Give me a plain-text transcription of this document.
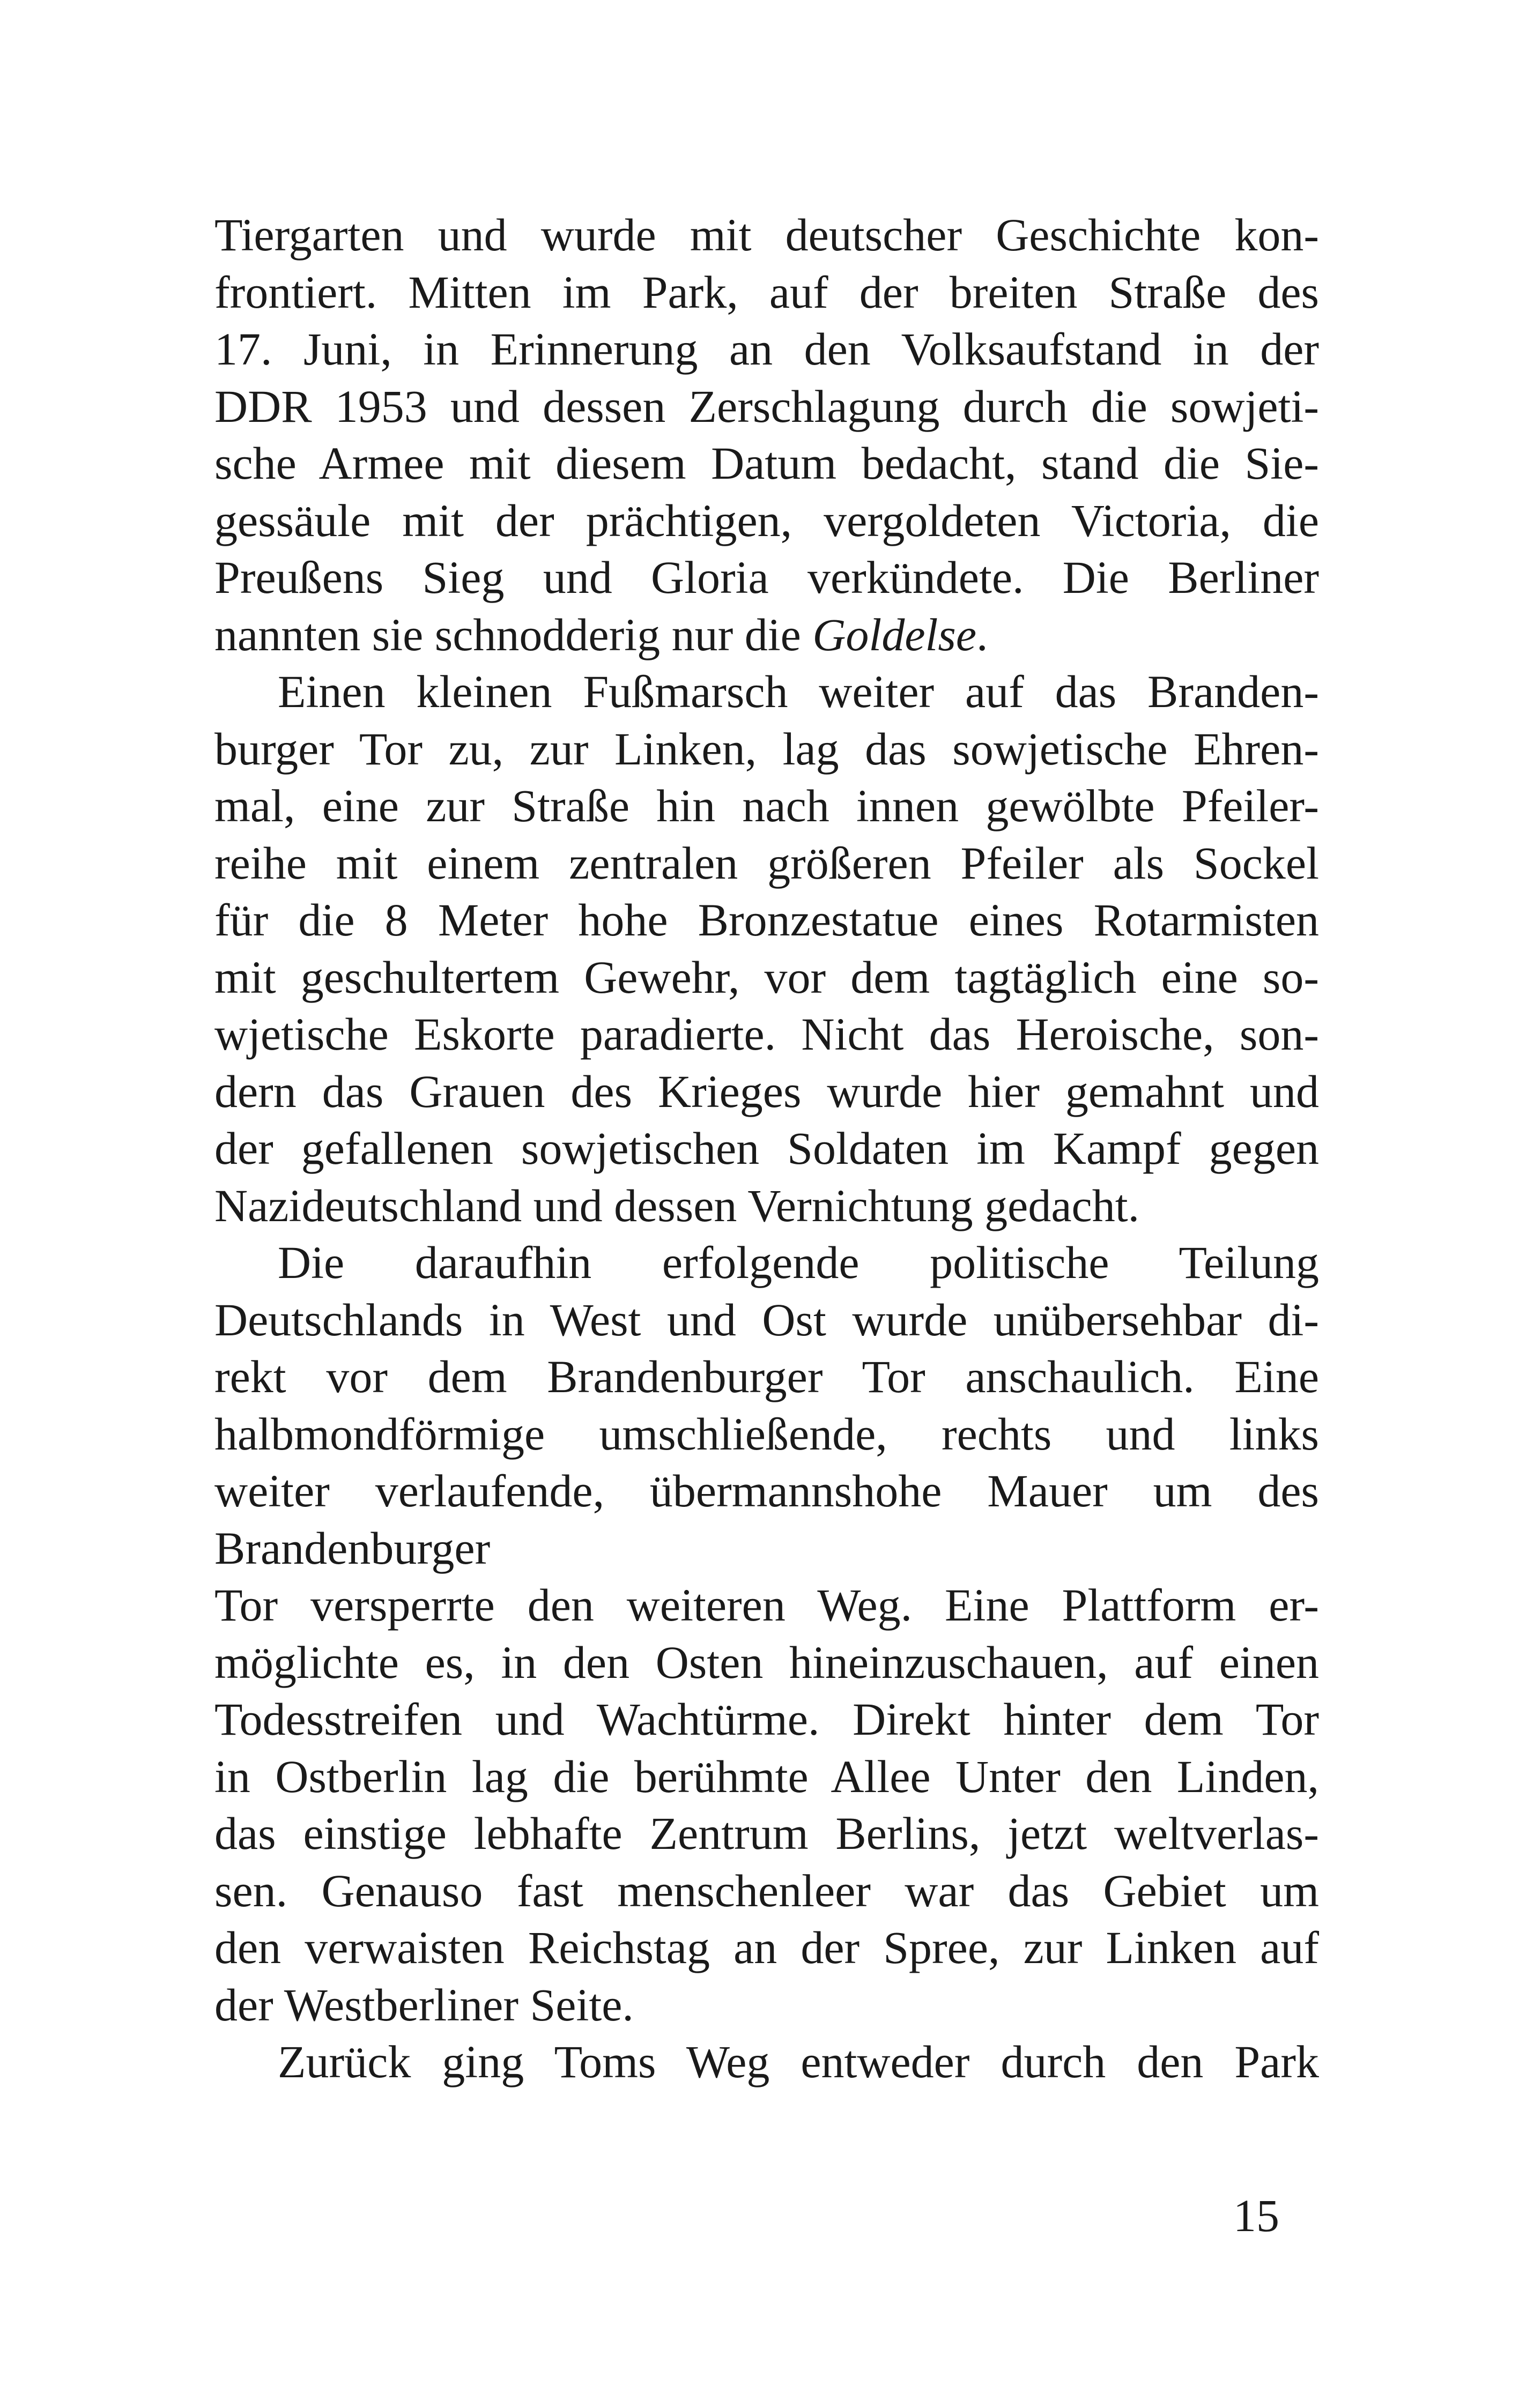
Tiergarten und wurde mit deutscher Geschichte kon-
frontiert. Mitten im Park, auf der breiten Straße des
17. Juni, in Erinnerung an den Volksaufstand in der
DDR 1953 und dessen Zerschlagung durch die sowjeti-
sche Armee mit diesem Datum bedacht, stand die Sie-
gessäule mit der prächtigen, vergoldeten Victoria, die
Preußens Sieg und Gloria verkündete. Die Berliner
nannten sie schnodderig nur die Goldelse.
Einen kleinen Fußmarsch weiter auf das Branden-
burger Tor zu, zur Linken, lag das sowjetische Ehren-
mal, eine zur Straße hin nach innen gewölbte Pfeiler-
reihe mit einem zentralen größeren Pfeiler als Sockel
für die 8 Meter hohe Bronzestatue eines Rotarmisten
mit geschultertem Gewehr, vor dem tagtäglich eine so-
wjetische Eskorte paradierte. Nicht das Heroische, son-
dern das Grauen des Krieges wurde hier gemahnt und
der gefallenen sowjetischen Soldaten im Kampf gegen
Nazideutschland und dessen Vernichtung gedacht.
Die daraufhin erfolgende politische Teilung
Deutschlands in West und Ost wurde unübersehbar di-
rekt vor dem Brandenburger Tor anschaulich. Eine
halbmondförmige umschließende, rechts und links
weiter verlaufende, übermannshohe Mauer um des
Brandenburger
Tor versperrte den weiteren Weg. Eine Plattform er-
möglichte es, in den Osten hineinzuschauen, auf einen
Todesstreifen und Wachtürme. Direkt hinter dem Tor
in Ostberlin lag die berühmte Allee Unter den Linden,
das einstige lebhafte Zentrum Berlins, jetzt weltverlas-
sen. Genauso fast menschenleer war das Gebiet um
den verwaisten Reichstag an der Spree, zur Linken auf
der Westberliner Seite.
Zurück ging Toms Weg entweder durch den Park
15
